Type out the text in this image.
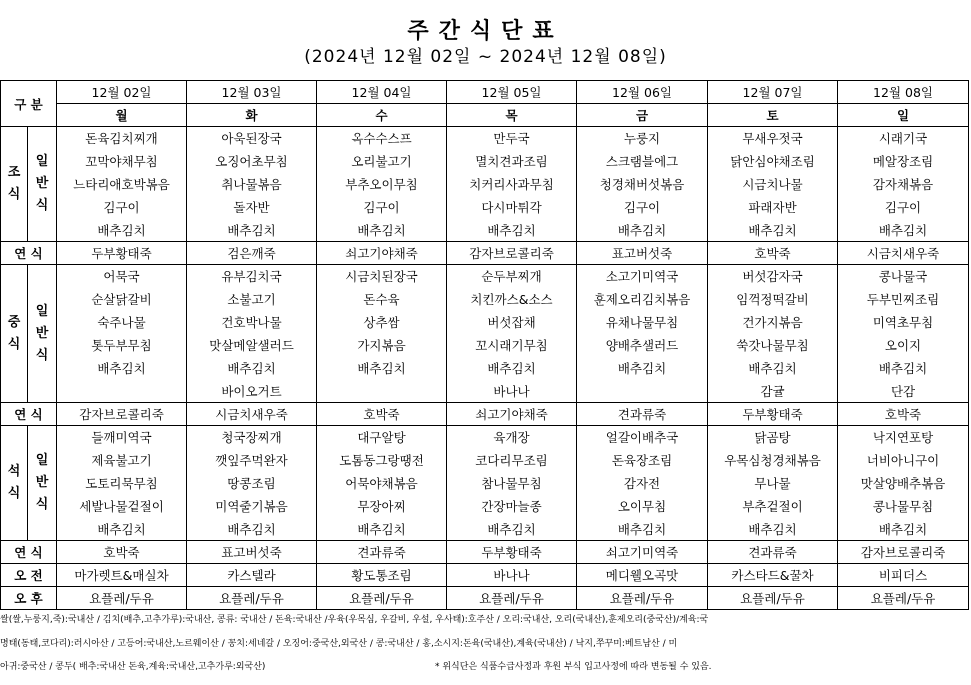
주간식단표
(2024년 12월 02일 ~ 2024년 12월 08일)
구 분		12월 02일	12월 03일	12월 04일	12월 05일	12월 06일	12월 07일	12월 08일
		월	화	수	목	금	토	일
조
식	일
반
식	돈육김치찌개	아욱된장국	옥수수스프	만두국	누룽지	무새우젓국	시래기국
		꼬막야채무침	오징어초무침	오리불고기	멸치견과조림	스크램블에그	닭안심야채조림	메알장조림
		느타리애호박볶음	취나물볶음	부추오이무침	치커리사과무침	청경채버섯볶음	시금치나물	감자채볶음
		김구이	돌자반	김구이	다시마튀각	김구이	파래자반	김구이
		배추김치	배추김치	배추김치	배추김치	배추김치	배추김치	배추김치
연 식		두부황태죽	검은깨죽	쇠고기야채죽	감자브로콜리죽	표고버섯죽	호박죽	시금치새우죽
중
식	일
반
식	어묵국	유부김치국	시금치된장국	순두부찌개	소고기미역국	버섯감자국	콩나물국
		순살닭갈비	소불고기	돈수육	치킨까스&소스	훈제오리김치볶음	임꺽정떡갈비	두부민찌조림
		숙주나물	건호박나물	상추쌈	버섯잡채	유채나물무침	건가지볶음	미역초무침
		톳두부무침	맛살메알샐러드	가지볶음	꼬시래기무침	양배추샐러드	쑥갓나물무침	오이지
		배추김치	배추김치	배추김치	배추김치	배추김치	배추김치	배추김치
			바이오거트		바나나		감귤	단감
연 식		감자브로콜리죽	시금치새우죽	호박죽	쇠고기야채죽	견과류죽	두부황태죽	호박죽
석
식	일
반
식	들깨미역국	청국장찌개	대구알탕	육개장	얼갈이배추국	닭곰탕	낙지연포탕
		제육불고기	깻잎주먹완자	도톰동그랑땡전	코다리무조림	돈육장조림	우목심청경채볶음	너비아니구이
		도토리묵무침	땅콩조림	어묵야채볶음	참나물무침	감자전	무나물	맛살양배추볶음
		세발나물겉절이	미역줄기볶음	무장아찌	간장마늘종	오이무침	부추겉절이	콩나물무침
		배추김치	배추김치	배추김치	배추김치	배추김치	배추김치	배추김치
연 식		호박죽	표고버섯죽	견과류죽	두부황태죽	쇠고기미역죽	견과류죽	감자브로콜리죽
오 전		마가렛트&매실차	카스텔라	황도통조림	바나나	메디웰오곡맛	카스타드&꿀차	비피더스
오 후		요플레/두유	요플레/두유	요플레/두유	요플레/두유	요플레/두유	요플레/두유	요플레/두유
쌀(쌀,누룽지,죽):국내산 / 김치(배추,고추가루):국내산, 콩류: 국내산 / 돈육:국내산 /우육(우목심, 우갈비, 우설, 우사태):호주산 / 오리:국내산, 오리(국내산),훈제오리(중국산)/계육:국
명태(동태,코다리):러시아산 / 고등어:국내산,노르웨이산 / 꽁치:세네갈 / 오징어:중국산,외국산 / 콩:국내산 / 홍,소시지:돈육(국내산),계육(국내산) / 낙지,쭈꾸미:베트남산 / 미
아귀:중국산 / 콩두( 배추:국내산 돈육,계육:국내산,고추가루:외국산)	* 위식단은 식품수급사정과 후원 부식 입고사정에 따라 변동될 수 있음.
